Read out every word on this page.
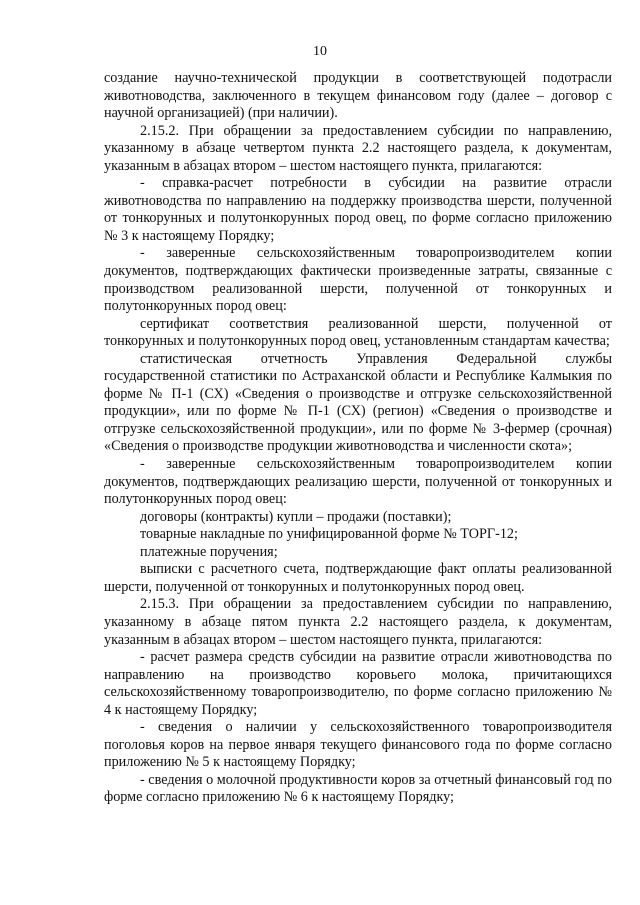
10

создание научно-технической продукции в соответствующей подотрасли животноводства, заключенного в текущем финансовом году (далее – договор с научной организацией) (при наличии).

2.15.2. При обращении за предоставлением субсидии по направлению, указанному в абзаце четвертом пункта 2.2 настоящего раздела, к документам, указанным в абзацах втором – шестом настоящего пункта, прилагаются:

- справка-расчет потребности в субсидии на развитие отрасли животноводства по направлению на поддержку производства шерсти, полученной от тонкорунных и полутонкорунных пород овец, по форме согласно приложению № 3 к настоящему Порядку;

- заверенные сельскохозяйственным товаропроизводителем копии документов, подтверждающих фактически произведенные затраты, связанные с производством реализованной шерсти, полученной от тонкорунных и полутонкорунных пород овец:

сертификат соответствия реализованной шерсти, полученной от тонкорунных и полутонкорунных пород овец, установленным стандартам качества;

статистическая отчетность Управления Федеральной службы государственной статистики по Астраханской области и Республике Калмыкия по форме № П-1 (СХ) «Сведения о производстве и отгрузке сельскохозяйственной продукции», или по форме № П-1 (СХ) (регион) «Сведения о производстве и отгрузке сельскохозяйственной продукции», или по форме № 3-фермер (срочная) «Сведения о производстве продукции животноводства и численности скота»;

- заверенные сельскохозяйственным товаропроизводителем копии документов, подтверждающих реализацию шерсти, полученной от тонкорунных и полутонкорунных пород овец:

договоры (контракты) купли – продажи (поставки);

товарные накладные по унифицированной форме № ТОРГ-12;

платежные поручения;

выписки с расчетного счета, подтверждающие факт оплаты реализованной шерсти, полученной от тонкорунных и полутонкорунных пород овец.

2.15.3. При обращении за предоставлением субсидии по направлению, указанному в абзаце пятом пункта 2.2 настоящего раздела, к документам, указанным в абзацах втором – шестом настоящего пункта, прилагаются:

- расчет размера средств субсидии на развитие отрасли животноводства по направлению на производство коровьего молока, причитающихся сельскохозяйственному товаропроизводителю, по форме согласно приложению № 4 к настоящему Порядку;

- сведения о наличии у сельскохозяйственного товаропроизводителя поголовья коров на первое января текущего финансового года по форме согласно приложению № 5 к настоящему Порядку;

- сведения о молочной продуктивности коров за отчетный финансовый год по форме согласно приложению № 6 к настоящему Порядку;
